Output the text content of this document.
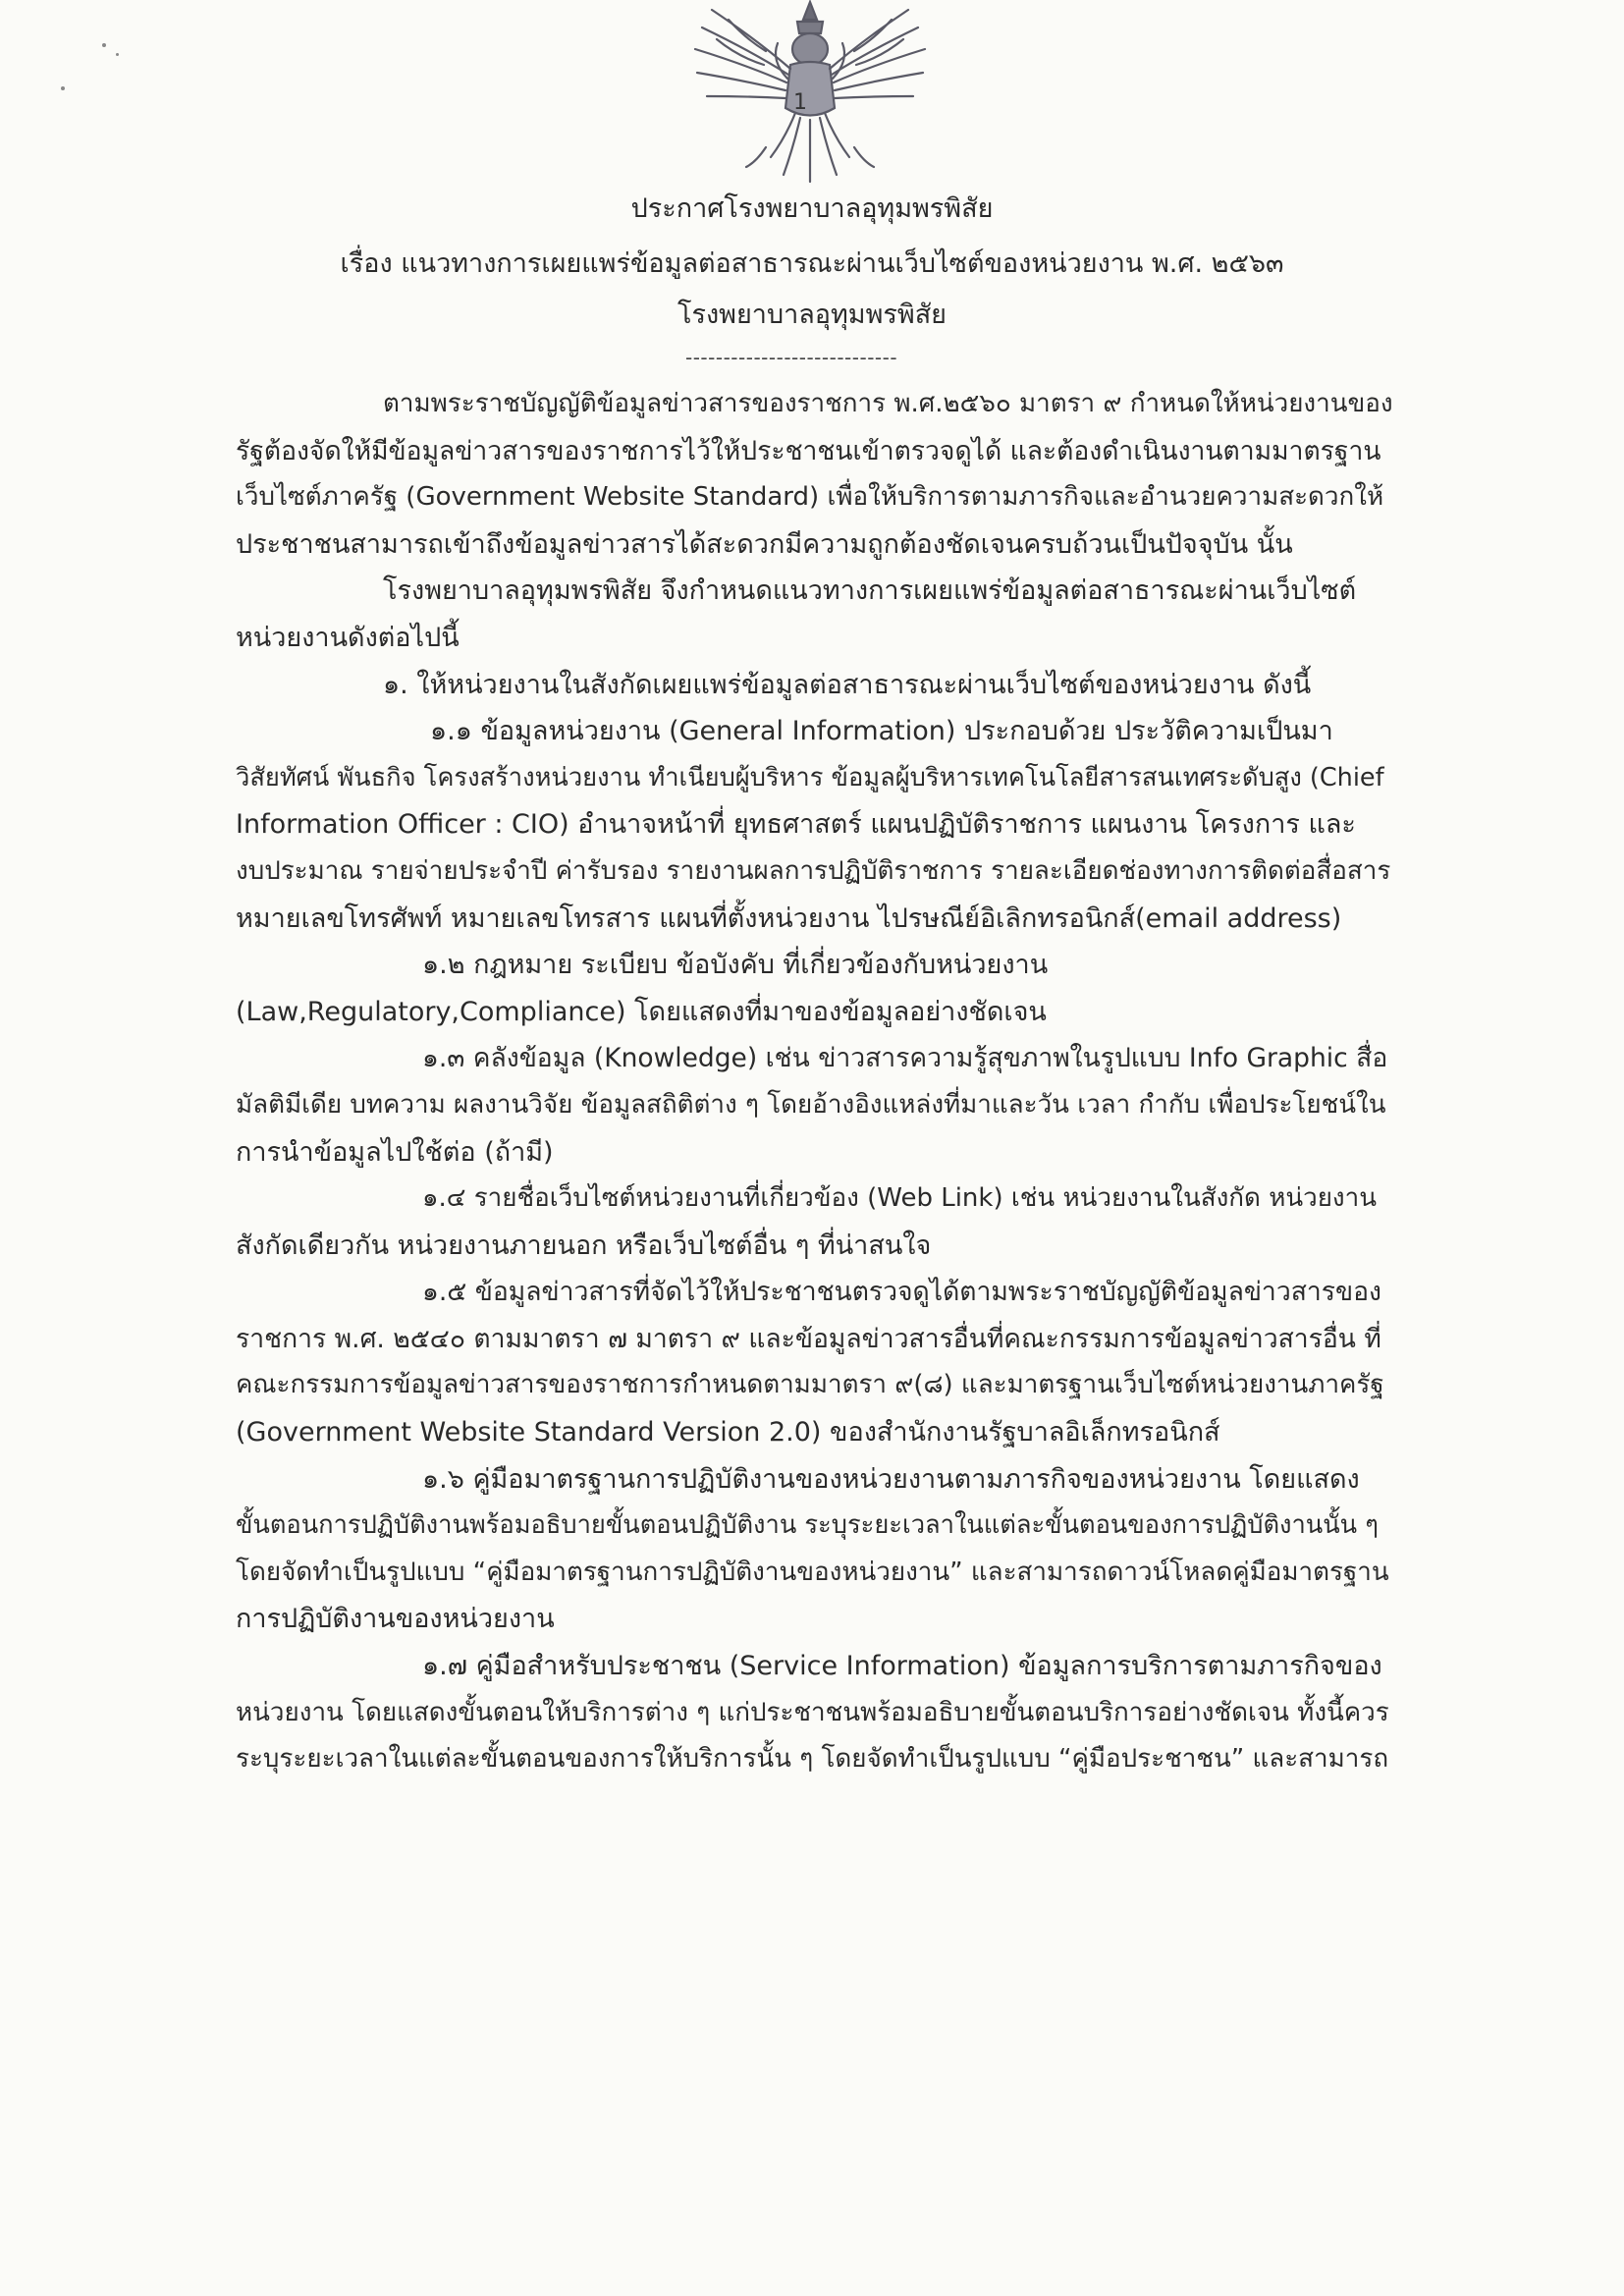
1
ประกาศโรงพยาบาลอุทุมพรพิสัย
เรื่อง แนวทางการเผยแพร่ข้อมูลต่อสาธารณะผ่านเว็บไซต์ของหน่วยงาน พ.ศ. ๒๕๖๓
โรงพยาบาลอุทุมพรพิสัย
----------------------------
ตามพระราชบัญญัติข้อมูลข่าวสารของราชการ พ.ศ.๒๕๖๐ มาตรา ๙ กำหนดให้หน่วยงานของ
รัฐต้องจัดให้มีข้อมูลข่าวสารของราชการไว้ให้ประชาชนเข้าตรวจดูได้ และต้องดำเนินงานตามมาตรฐาน
เว็บไซต์ภาครัฐ (Government Website Standard) เพื่อให้บริการตามภารกิจและอำนวยความสะดวกให้
ประชาชนสามารถเข้าถึงข้อมูลข่าวสารได้สะดวกมีความถูกต้องชัดเจนครบถ้วนเป็นปัจจุบัน นั้น
โรงพยาบาลอุทุมพรพิสัย จึงกำหนดแนวทางการเผยแพร่ข้อมูลต่อสาธารณะผ่านเว็บไซต์
หน่วยงานดังต่อไปนี้
๑. ให้หน่วยงานในสังกัดเผยแพร่ข้อมูลต่อสาธารณะผ่านเว็บไซต์ของหน่วยงาน ดังนี้
๑.๑ ข้อมูลหน่วยงาน (General Information) ประกอบด้วย ประวัติความเป็นมา
วิสัยทัศน์ พันธกิจ โครงสร้างหน่วยงาน ทำเนียบผู้บริหาร ข้อมูลผู้บริหารเทคโนโลยีสารสนเทศระดับสูง (Chief
Information Officer : CIO) อำนาจหน้าที่ ยุทธศาสตร์ แผนปฏิบัติราชการ แผนงาน โครงการ และ
งบประมาณ รายจ่ายประจำปี ค่ารับรอง รายงานผลการปฏิบัติราชการ รายละเอียดช่องทางการติดต่อสื่อสาร
หมายเลขโทรศัพท์ หมายเลขโทรสาร แผนที่ตั้งหน่วยงาน ไปรษณีย์อิเลิกทรอนิกส์(email address)
๑.๒ กฎหมาย ระเบียบ ข้อบังคับ ที่เกี่ยวข้องกับหน่วยงาน
(Law,Regulatory,Compliance) โดยแสดงที่มาของข้อมูลอย่างชัดเจน
๑.๓ คลังข้อมูล (Knowledge) เช่น ข่าวสารความรู้สุขภาพในรูปแบบ Info Graphic สื่อ
มัลติมีเดีย บทความ ผลงานวิจัย ข้อมูลสถิติต่าง ๆ โดยอ้างอิงแหล่งที่มาและวัน เวลา กำกับ เพื่อประโยชน์ใน
การนำข้อมูลไปใช้ต่อ (ถ้ามี)
๑.๔ รายชื่อเว็บไซต์หน่วยงานที่เกี่ยวข้อง (Web Link) เช่น หน่วยงานในสังกัด หน่วยงาน
สังกัดเดียวกัน หน่วยงานภายนอก หรือเว็บไซต์อื่น ๆ ที่น่าสนใจ
๑.๕ ข้อมูลข่าวสารที่จัดไว้ให้ประชาชนตรวจดูได้ตามพระราชบัญญัติข้อมูลข่าวสารของ
ราชการ พ.ศ. ๒๕๔๐ ตามมาตรา ๗ มาตรา ๙ และข้อมูลข่าวสารอื่นที่คณะกรรมการข้อมูลข่าวสารอื่น ที่
คณะกรรมการข้อมูลข่าวสารของราชการกำหนดตามมาตรา ๙(๘) และมาตรฐานเว็บไซต์หน่วยงานภาครัฐ
(Government Website Standard Version 2.0) ของสำนักงานรัฐบาลอิเล็กทรอนิกส์
๑.๖ คู่มือมาตรฐานการปฏิบัติงานของหน่วยงานตามภารกิจของหน่วยงาน โดยแสดง
ขั้นตอนการปฏิบัติงานพร้อมอธิบายขั้นตอนปฏิบัติงาน ระบุระยะเวลาในแต่ละขั้นตอนของการปฏิบัติงานนั้น ๆ
โดยจัดทำเป็นรูปแบบ “คู่มือมาตรฐานการปฏิบัติงานของหน่วยงาน” และสามารถดาวน์โหลดคู่มือมาตรฐาน
การปฏิบัติงานของหน่วยงาน
๑.๗ คู่มือสำหรับประชาชน (Service Information) ข้อมูลการบริการตามภารกิจของ
หน่วยงาน โดยแสดงขั้นตอนให้บริการต่าง ๆ แก่ประชาชนพร้อมอธิบายขั้นตอนบริการอย่างชัดเจน ทั้งนี้ควร
ระบุระยะเวลาในแต่ละขั้นตอนของการให้บริการนั้น ๆ โดยจัดทำเป็นรูปแบบ “คู่มือประชาชน” และสามารถ
